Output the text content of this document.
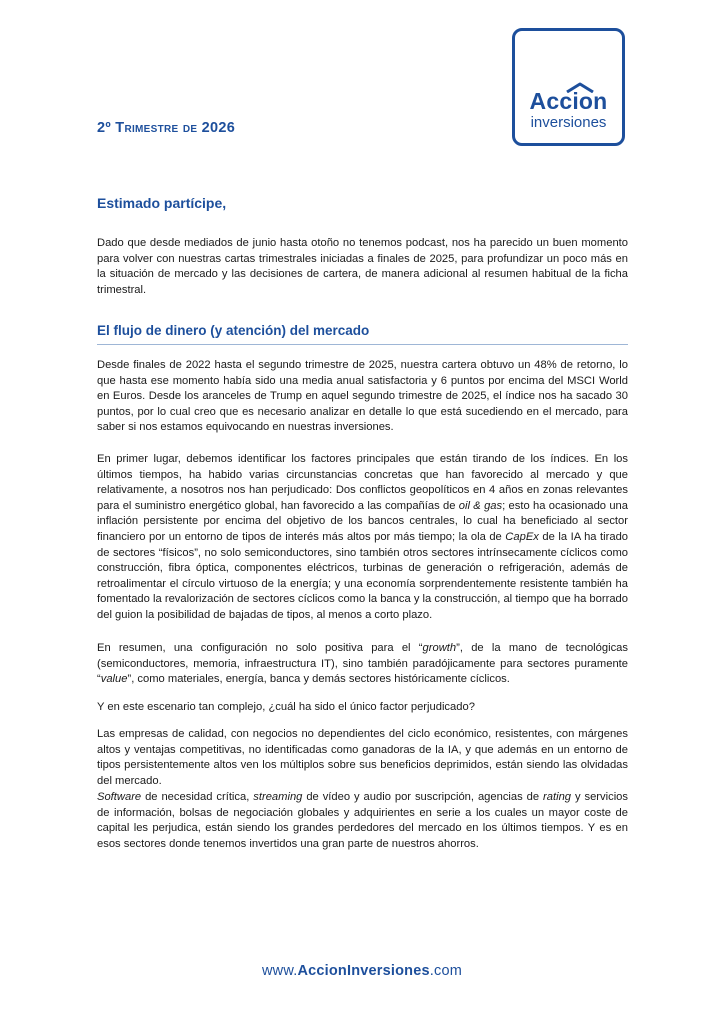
Accion
inversiones
2º Trimestre de 2026
Estimado partícipe,

Dado que desde mediados de junio hasta otoño no tenemos podcast, nos ha parecido un buen momento para volver con nuestras cartas trimestrales iniciadas a finales de 2025, para profundizar un poco más en la situación de mercado y las decisiones de cartera, de manera adicional al resumen habitual de la ficha trimestral.

El flujo de dinero (y atención) del mercado

Desde finales de 2022 hasta el segundo trimestre de 2025, nuestra cartera obtuvo un 48% de retorno, lo que hasta ese momento había sido una media anual satisfactoria y 6 puntos por encima del MSCI World en Euros. Desde los aranceles de Trump en aquel segundo trimestre de 2025, el índice nos ha sacado 30 puntos, por lo cual creo que es necesario analizar en detalle lo que está sucediendo en el mercado, para saber si nos estamos equivocando en nuestras inversiones.

En primer lugar, debemos identificar los factores principales que están tirando de los índices. En los últimos tiempos, ha habido varias circunstancias concretas que han favorecido al mercado y que relativamente, a nosotros nos han perjudicado: Dos conflictos geopolíticos en 4 años en zonas relevantes para el suministro energético global, han favorecido a las compañías de oil & gas; esto ha ocasionado una inflación persistente por encima del objetivo de los bancos centrales, lo cual ha beneficiado al sector financiero por un entorno de tipos de interés más altos por más tiempo; la ola de CapEx de la IA ha tirado de sectores “físicos”, no solo semiconductores, sino también otros sectores intrínsecamente cíclicos como construcción, fibra óptica, componentes eléctricos, turbinas de generación o refrigeración, además de retroalimentar el círculo virtuoso de la energía; y una economía sorprendentemente resistente también ha fomentado la revalorización de sectores cíclicos como la banca y la construcción, al tiempo que ha borrado del guion la posibilidad de bajadas de tipos, al menos a corto plazo.

En resumen, una configuración no solo positiva para el “growth”, de la mano de tecnológicas (semiconductores, memoria, infraestructura IT), sino también paradójicamente para sectores puramente “value”, como materiales, energía, banca y demás sectores históricamente cíclicos.

Y en este escenario tan complejo, ¿cuál ha sido el único factor perjudicado?

Las empresas de calidad, con negocios no dependientes del ciclo económico, resistentes, con márgenes altos y ventajas competitivas, no identificadas como ganadoras de la IA, y que además en un entorno de tipos persistentemente altos ven los múltiplos sobre sus beneficios deprimidos, están siendo las olvidadas del mercado.

Software de necesidad crítica, streaming de vídeo y audio por suscripción, agencias de rating y servicios de información, bolsas de negociación globales y adquirientes en serie a los cuales un mayor coste de capital les perjudica, están siendo los grandes perdedores del mercado en los últimos tiempos. Y es en esos sectores donde tenemos invertidos una gran parte de nuestros ahorros.

www.AccionInversiones.com
